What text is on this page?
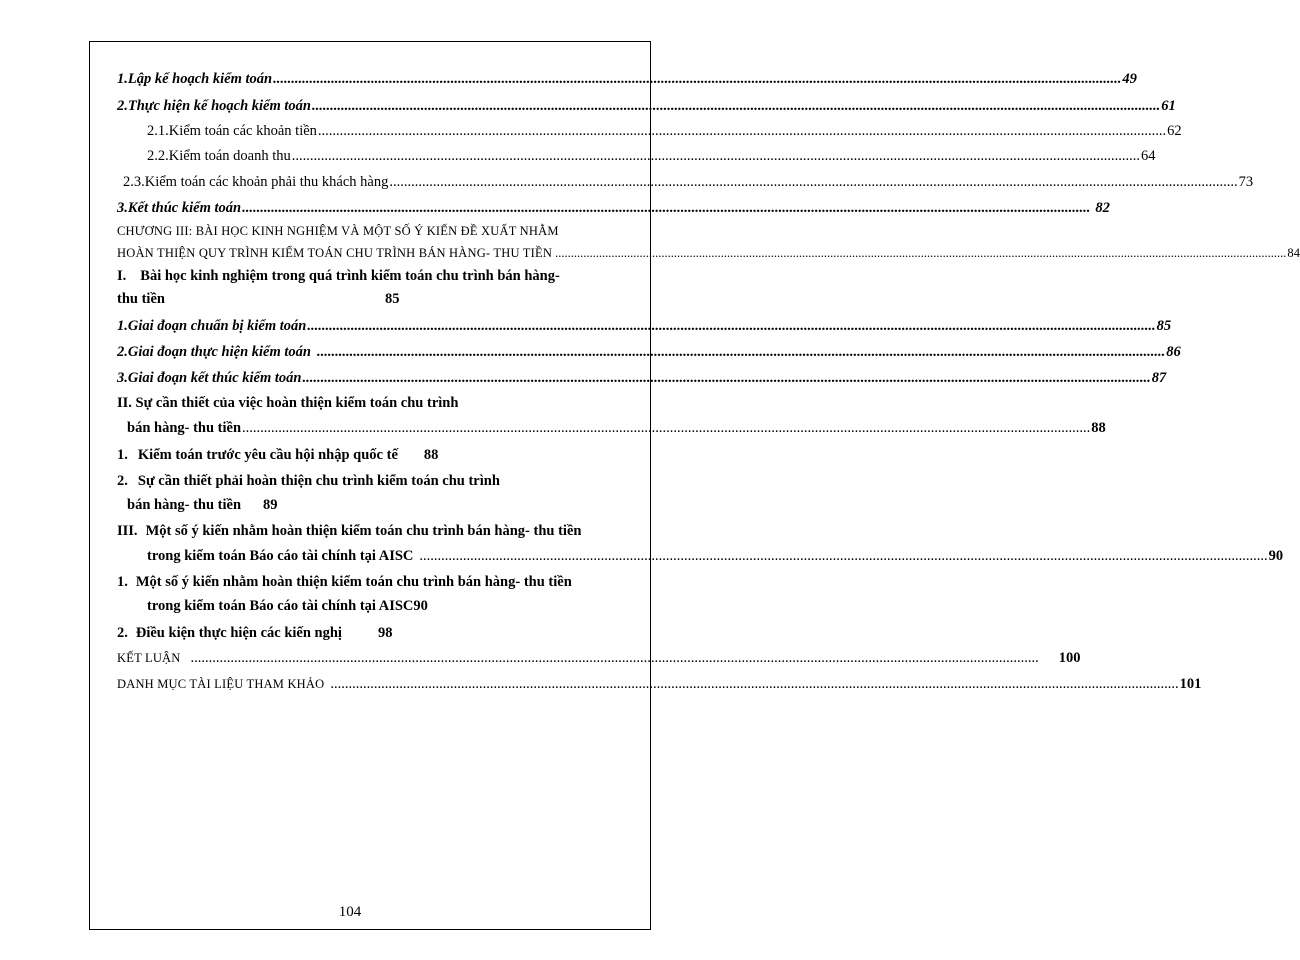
1. Lập kế hoạch kiểm toán .......................................................................................................................................................................................................................................... 49
2. Thực hiện kế hoạch kiểm toán .......................................................................................................................................................................................................................................... 61
2.1. Kiểm toán các khoản tiền .......................................................................................................................................................................................................................................... 62
2.2. Kiểm toán doanh thu .......................................................................................................................................................................................................................................... 64
2.3. Kiểm toán các khoản phải thu khách hàng .......................................................................................................................................................................................................................................... 73
3. Kết thúc kiểm toán .......................................................................................................................................................................................................................................... 82
CHƯƠNG III: BÀI HỌC KINH NGHIỆM VÀ MỘT SỐ Ý KIẾN ĐỀ XUẤT NHẰM
HOÀN THIỆN QUY TRÌNH KIỂM TOÁN CHU TRÌNH BÁN HÀNG- THU TIỀN .......................................................................................................................................................................................................................................... 84
I. Bài học kinh nghiệm trong quá trình kiểm toán chu trình bán hàng-
thu tiền	85
1. Giai đoạn chuẩn bị kiểm toán .......................................................................................................................................................................................................................................... 85
2. Giai đoạn thực hiện kiểm toán .......................................................................................................................................................................................................................................... 86
3. Giai đoạn kết thúc kiểm toán .......................................................................................................................................................................................................................................... 87
II. Sự cần thiết của việc hoàn thiện kiểm toán chu trình
bán hàng- thu tiền .......................................................................................................................................................................................................................................... 88
1. Kiểm toán trước yêu cầu hội nhập quốc tế 88
2. Sự cần thiết phải hoàn thiện chu trình kiểm toán chu trình
bán hàng- thu tiền 89
III. Một số ý kiến nhằm hoàn thiện kiểm toán chu trình bán hàng- thu tiền
trong kiểm toán Báo cáo tài chính tại AISC .......................................................................................................................................................................................................................................... 90
1. Một số ý kiến nhằm hoàn thiện kiểm toán chu trình bán hàng- thu tiền
trong kiểm toán Báo cáo tài chính tại AISC 90
2. Điều kiện thực hiện các kiến nghị 98
KẾT LUẬN .......................................................................................................................................................................................................................................... 100
DANH MỤC TÀI LIỆU THAM KHẢO .......................................................................................................................................................................................................................................... 101
104
